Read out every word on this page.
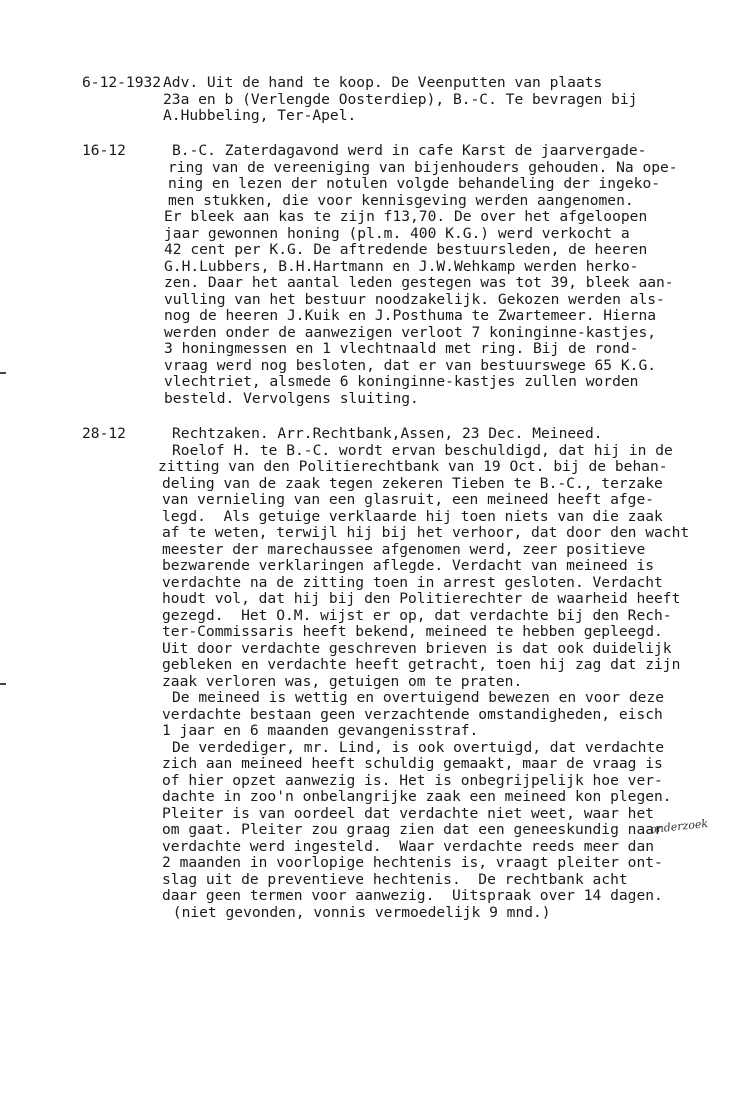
6-12-1932 Adv. Uit de hand te koop. De Veenputten van plaats
23a en b (Verlengde Oosterdiep), B.-C. Te bevragen bij
A.Hubbeling, Ter-Apel.
16-12	B.-C. Zaterdagavond werd in cafe Karst de jaarvergade-
ring van de vereeniging van bijenhouders gehouden. Na ope-
ning en lezen der notulen volgde behandeling der ingeko-
men stukken, die voor kennisgeving werden aangenomen.
Er bleek aan kas te zijn f13,70. De over het afgeloopen
jaar gewonnen honing (pl.m. 400 K.G.) werd verkocht a
42 cent per K.G. De aftredende bestuursleden, de heeren
G.H.Lubbers, B.H.Hartmann en J.W.Wehkamp werden herko-
zen. Daar het aantal leden gestegen was tot 39, bleek aan-
vulling van het bestuur noodzakelijk. Gekozen werden als-
nog de heeren J.Kuik en J.Posthuma te Zwartemeer. Hierna
werden onder de aanwezigen verloot 7 koninginne-kastjes,
3 honingmessen en 1 vlechtnaald met ring. Bij de rond-
vraag werd nog besloten, dat er van bestuurswege 65 K.G.
vlechtriet, alsmede 6 koninginne-kastjes zullen worden
besteld. Vervolgens sluiting.
28-12	Rechtzaken. Arr.Rechtbank,Assen, 23 Dec. Meineed.
Roelof H. te B.-C. wordt ervan beschuldigd, dat hij in de
zitting van den Politierechtbank van 19 Oct. bij de behan-
deling van de zaak tegen zekeren Tieben te B.-C., terzake
van vernieling van een glasruit, een meineed heeft afge-
legd.  Als getuige verklaarde hij toen niets van die zaak
af te weten, terwijl hij bij het verhoor, dat door den wacht
meester der marechaussee afgenomen werd, zeer positieve
bezwarende verklaringen aflegde. Verdacht van meineed is
verdachte na de zitting toen in arrest gesloten. Verdacht
houdt vol, dat hij bij den Politierechter de waarheid heeft
gezegd.  Het O.M. wijst er op, dat verdachte bij den Rech-
ter-Commissaris heeft bekend, meineed te hebben gepleegd.
Uit door verdachte geschreven brieven is dat ook duidelijk
gebleken en verdachte heeft getracht, toen hij zag dat zijn
zaak verloren was, getuigen om te praten.
De meineed is wettig en overtuigend bewezen en voor deze
verdachte bestaan geen verzachtende omstandigheden, eisch
1 jaar en 6 maanden gevangenisstraf.
De verdediger, mr. Lind, is ook overtuigd, dat verdachte
zich aan meineed heeft schuldig gemaakt, maar de vraag is
of hier opzet aanwezig is. Het is onbegrijpelijk hoe ver-
dachte in zoo'n onbelangrijke zaak een meineed kon plegen.
Pleiter is van oordeel dat verdachte niet weet, waar het
om gaat. Pleiter zou graag zien dat een geneeskundig naar
verdachte werd ingesteld.  Waar verdachte reeds meer dan
2 maanden in voorlopige hechtenis is, vraagt pleiter ont-
slag uit de preventieve hechtenis.  De rechtbank acht
daar geen termen voor aanwezig.  Uitspraak over 14 dagen.
(niet gevonden, vonnis vermoedelijk 9 mnd.)
onderzoek
